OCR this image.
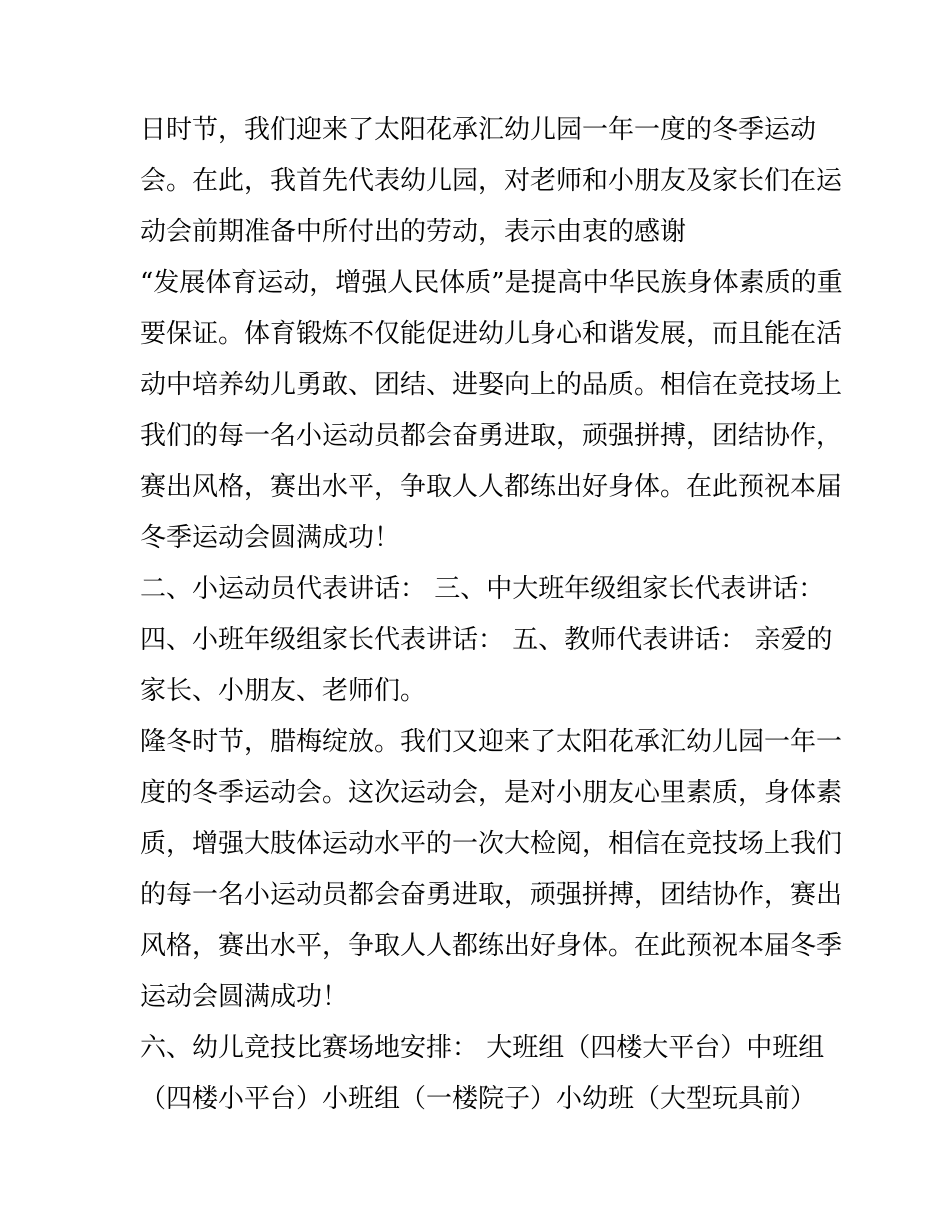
日时节，我们迎来了太阳花承汇幼儿园一年一度的冬季运动
会。在此，我首先代表幼儿园，对老师和小朋友及家长们在运
动会前期准备中所付出的劳动，表示由衷的感谢
“发展体育运动，增强人民体质”是提高中华民族身体素质的重
要保证。体育锻炼不仅能促进幼儿身心和谐发展，而且能在活
动中培养幼儿勇敢、团结、进娶向上的品质。相信在竞技场上
我们的每一名小运动员都会奋勇进取，顽强拼搏，团结协作，
赛出风格，赛出水平，争取人人都练出好身体。在此预祝本届
冬季运动会圆满成功！
二、小运动员代表讲话： 三、中大班年级组家长代表讲话：
四、小班年级组家长代表讲话： 五、教师代表讲话： 亲爱的
家长、小朋友、老师们。
隆冬时节，腊梅绽放。我们又迎来了太阳花承汇幼儿园一年一
度的冬季运动会。这次运动会，是对小朋友心里素质，身体素
质，增强大肢体运动水平的一次大检阅，相信在竞技场上我们
的每一名小运动员都会奋勇进取，顽强拼搏，团结协作，赛出
风格，赛出水平，争取人人都练出好身体。在此预祝本届冬季
运动会圆满成功！
六、幼儿竞技比赛场地安排： 大班组（四楼大平台）中班组
（四楼小平台）小班组（一楼院子）小幼班（大型玩具前）
